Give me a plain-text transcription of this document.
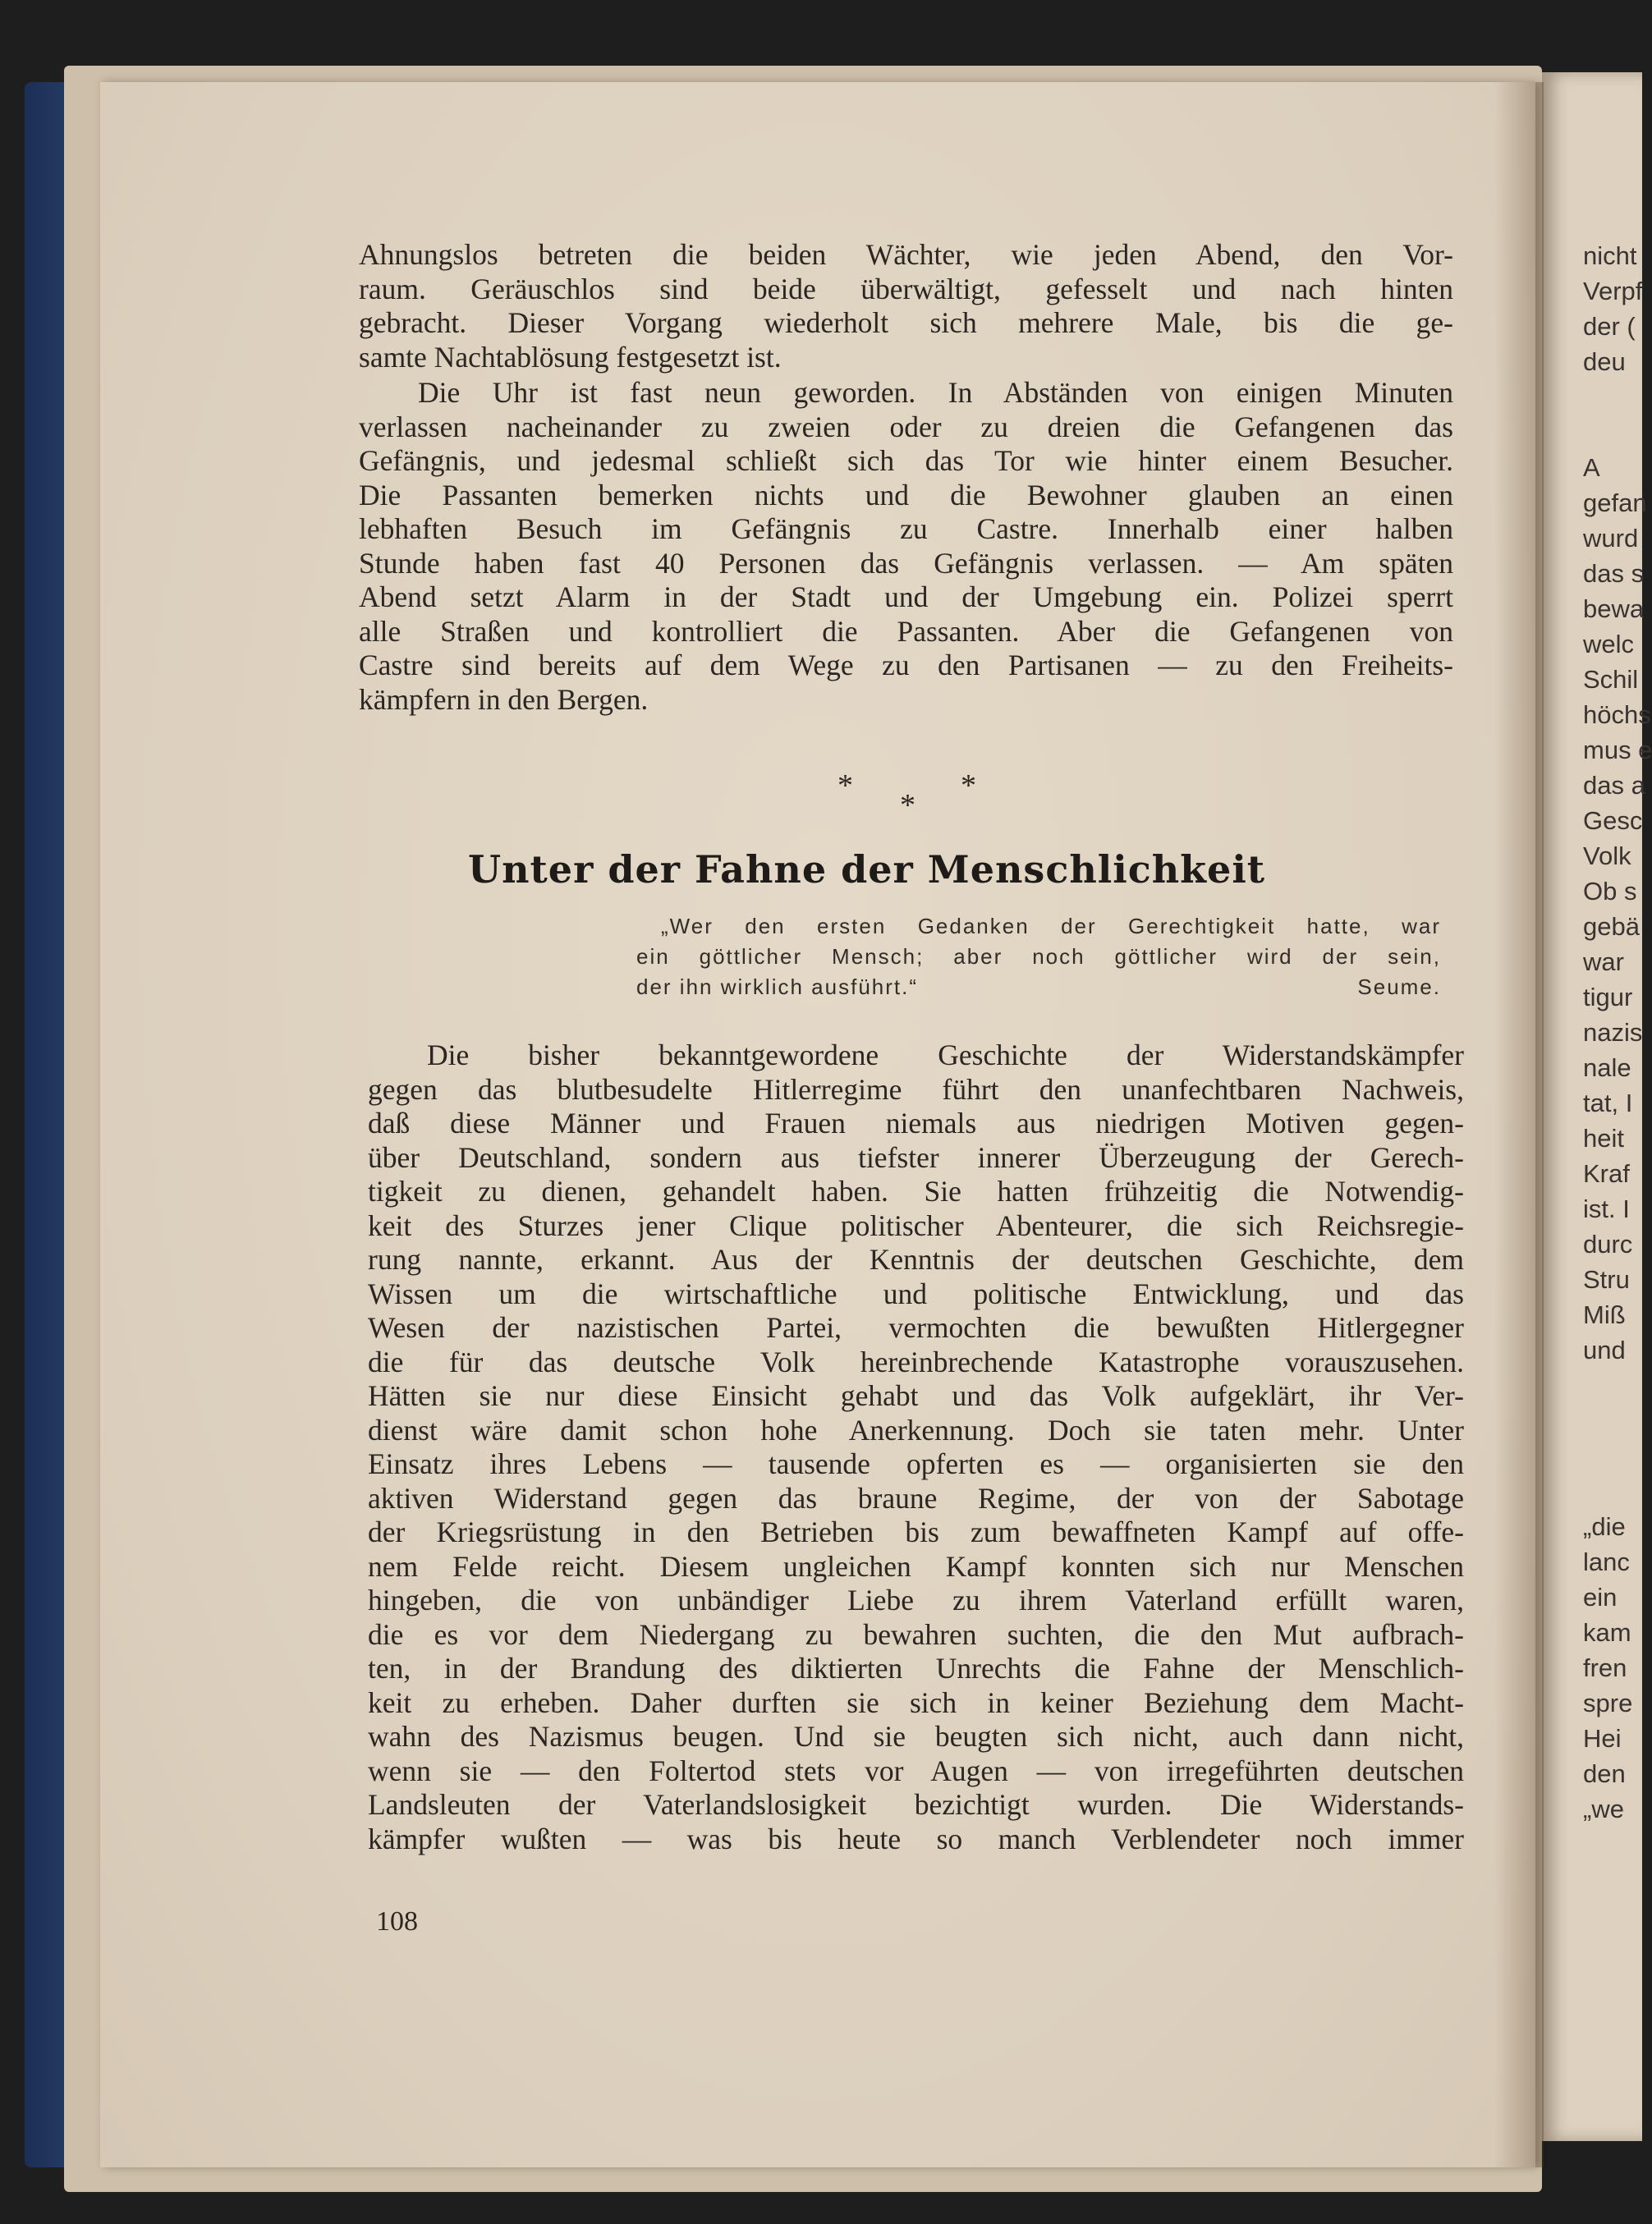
nicht
Verpf
der (
deu
A
gefan
wurd
das s
bewa
welc
Schil
höchs
mus e
das a
Gesc
Volk
Ob s
gebä
war
tigur
nazis
nale
tat, I
heit
Kraf
ist. I
durc
Stru
Miß
und
„die
lanc
ein
kam
fren
spre
Hei
den
„we
Ahnungslos betreten die beiden Wächter, wie jeden Abend, den Vor-
raum. Geräuschlos sind beide überwältigt, gefesselt und nach hinten
gebracht. Dieser Vorgang wiederholt sich mehrere Male, bis die ge-
samte Nachtablösung festgesetzt ist.
Die Uhr ist fast neun geworden. In Abständen von einigen Minuten
verlassen nacheinander zu zweien oder zu dreien die Gefangenen das
Gefängnis, und jedesmal schließt sich das Tor wie hinter einem Besucher.
Die Passanten bemerken nichts und die Bewohner glauben an einen
lebhaften Besuch im Gefängnis zu Castre. Innerhalb einer halben
Stunde haben fast 40 Personen das Gefängnis verlassen. — Am späten
Abend setzt Alarm in der Stadt und der Umgebung ein. Polizei sperrt
alle Straßen und kontrolliert die Passanten. Aber die Gefangenen von
Castre sind bereits auf dem Wege zu den Partisanen — zu den Freiheits-
kämpfern in den Bergen.
*	*
*
Unter der Fahne der Menschlichkeit
„Wer den ersten Gedanken der Gerechtigkeit hatte, war
ein göttlicher Mensch; aber noch göttlicher wird der sein,
der ihn wirklich ausführt.“	Seume.
Die bisher bekanntgewordene Geschichte der Widerstandskämpfer
gegen das blutbesudelte Hitlerregime führt den unanfechtbaren Nachweis,
daß diese Männer und Frauen niemals aus niedrigen Motiven gegen-
über Deutschland, sondern aus tiefster innerer Überzeugung der Gerech-
tigkeit zu dienen, gehandelt haben. Sie hatten frühzeitig die Notwendig-
keit des Sturzes jener Clique politischer Abenteurer, die sich Reichsregie-
rung nannte, erkannt. Aus der Kenntnis der deutschen Geschichte, dem
Wissen um die wirtschaftliche und politische Entwicklung, und das
Wesen der nazistischen Partei, vermochten die bewußten Hitlergegner
die für das deutsche Volk hereinbrechende Katastrophe vorauszusehen.
Hätten sie nur diese Einsicht gehabt und das Volk aufgeklärt, ihr Ver-
dienst wäre damit schon hohe Anerkennung. Doch sie taten mehr. Unter
Einsatz ihres Lebens — tausende opferten es — organisierten sie den
aktiven Widerstand gegen das braune Regime, der von der Sabotage
der Kriegsrüstung in den Betrieben bis zum bewaffneten Kampf auf offe-
nem Felde reicht. Diesem ungleichen Kampf konnten sich nur Menschen
hingeben, die von unbändiger Liebe zu ihrem Vaterland erfüllt waren,
die es vor dem Niedergang zu bewahren suchten, die den Mut aufbrach-
ten, in der Brandung des diktierten Unrechts die Fahne der Menschlich-
keit zu erheben. Daher durften sie sich in keiner Beziehung dem Macht-
wahn des Nazismus beugen. Und sie beugten sich nicht, auch dann nicht,
wenn sie — den Foltertod stets vor Augen — von irregeführten deutschen
Landsleuten der Vaterlandslosigkeit bezichtigt wurden. Die Widerstands-
kämpfer wußten — was bis heute so manch Verblendeter noch immer
108
